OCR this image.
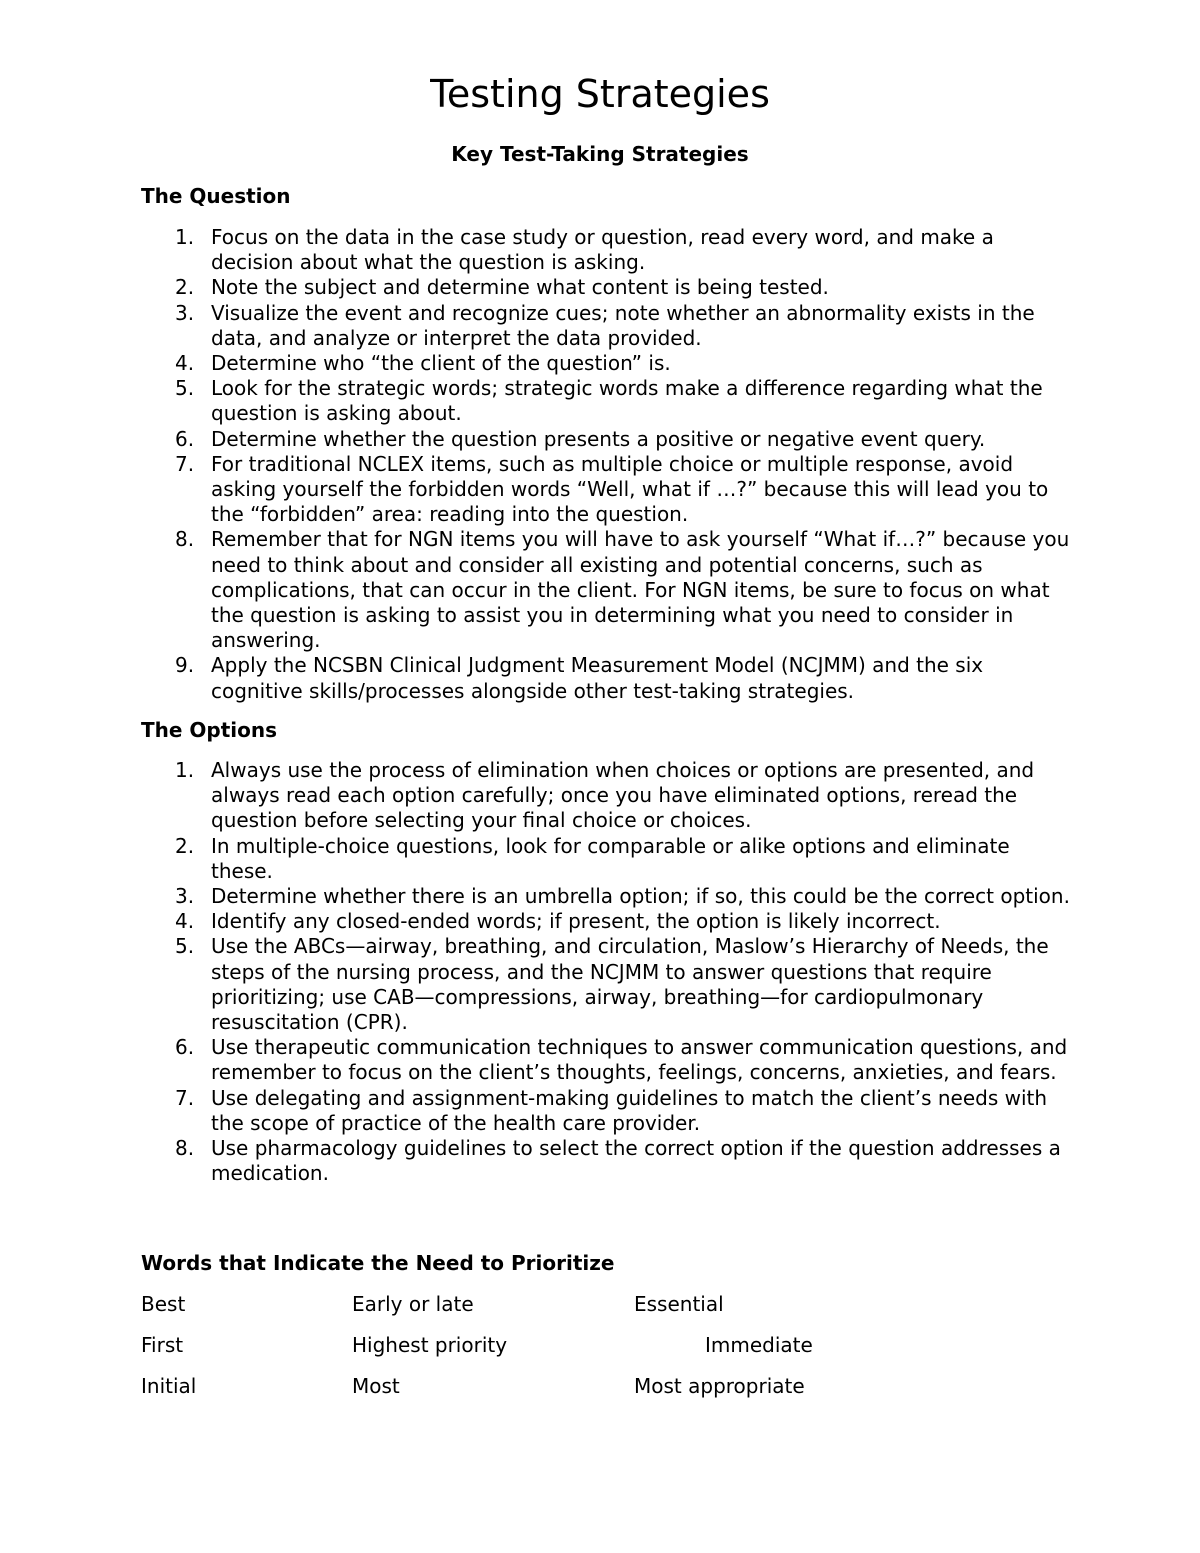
Testing Strategies
Key Test-Taking Strategies
The Question
1. Focus on the data in the case study or question, read every word, and make a decision about what the question is asking.
2. Note the subject and determine what content is being tested.
3. Visualize the event and recognize cues; note whether an abnormality exists in the data, and analyze or interpret the data provided.
4. Determine who “the client of the question” is.
5. Look for the strategic words; strategic words make a difference regarding what the question is asking about.
6. Determine whether the question presents a positive or negative event query.
7. For traditional NCLEX items, such as multiple choice or multiple response, avoid asking yourself the forbidden words “Well, what if …?” because this will lead you to the “forbidden” area: reading into the question.
8. Remember that for NGN items you will have to ask yourself “What if…?” because you need to think about and consider all existing and potential concerns, such as complications, that can occur in the client. For NGN items, be sure to focus on what the question is asking to assist you in determining what you need to consider in answering.
9. Apply the NCSBN Clinical Judgment Measurement Model (NCJMM) and the six cognitive skills/processes alongside other test-taking strategies.
The Options
1. Always use the process of elimination when choices or options are presented, and always read each option carefully; once you have eliminated options, reread the question before selecting your final choice or choices.
2. In multiple-choice questions, look for comparable or alike options and eliminate these.
3. Determine whether there is an umbrella option; if so, this could be the correct option.
4. Identify any closed-ended words; if present, the option is likely incorrect.
5. Use the ABCs—airway, breathing, and circulation, Maslow’s Hierarchy of Needs, the steps of the nursing process, and the NCJMM to answer questions that require prioritizing; use CAB—compressions, airway, breathing—for cardiopulmonary resuscitation (CPR).
6. Use therapeutic communication techniques to answer communication questions, and remember to focus on the client’s thoughts, feelings, concerns, anxieties, and fears.
7. Use delegating and assignment-making guidelines to match the client’s needs with the scope of practice of the health care provider.
8. Use pharmacology guidelines to select the correct option if the question addresses a medication.
Words that Indicate the Need to Prioritize
Best	Early or late	Essential
First	Highest priority	Immediate
Initial	Most	Most appropriate
